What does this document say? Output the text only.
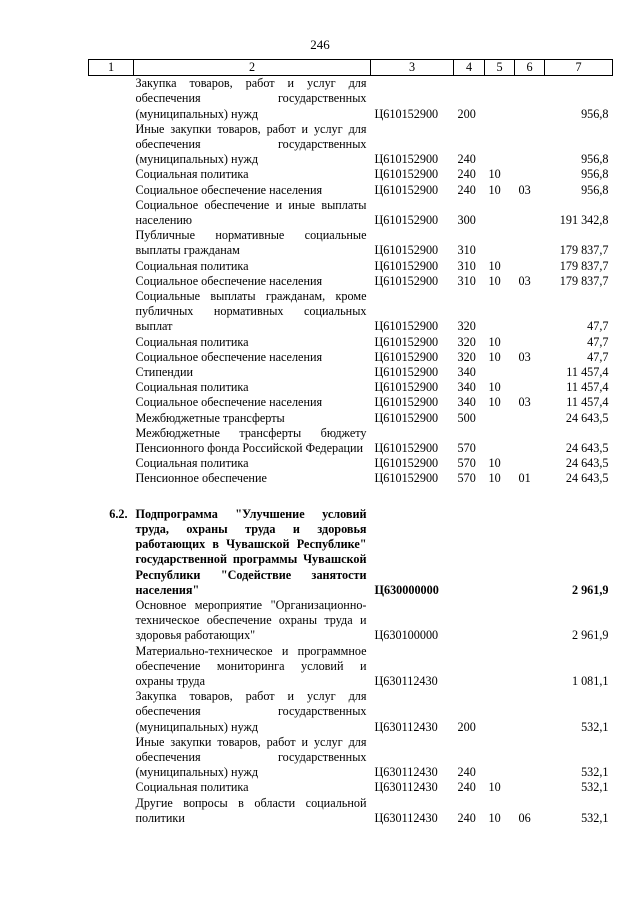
246
1	2	3	4	5	6	7
	Закупка товаров, работ и услуг для обеспечения государственных (муниципальных) нужд	Ц610152900	200			956,8
	Иные закупки товаров, работ и услуг для обеспечения государственных (муниципальных) нужд	Ц610152900	240			956,8
	Социальная политика	Ц610152900	240	10		956,8
	Социальное обеспечение населения	Ц610152900	240	10	03	956,8
	Социальное обеспечение и иные выплаты населению	Ц610152900	300			191 342,8
	Публичные нормативные социальные выплаты гражданам	Ц610152900	310			179 837,7
	Социальная политика	Ц610152900	310	10		179 837,7
	Социальное обеспечение населения	Ц610152900	310	10	03	179 837,7
	Социальные выплаты гражданам, кроме публичных нормативных социальных выплат	Ц610152900	320			47,7
	Социальная политика	Ц610152900	320	10		47,7
	Социальное обеспечение населения	Ц610152900	320	10	03	47,7
	Стипендии	Ц610152900	340			11 457,4
	Социальная политика	Ц610152900	340	10		11 457,4
	Социальное обеспечение населения	Ц610152900	340	10	03	11 457,4
	Межбюджетные трансферты	Ц610152900	500			24 643,5
	Межбюджетные трансферты бюджету Пенсионного фонда Российской Федерации	Ц610152900	570			24 643,5
	Социальная политика	Ц610152900	570	10		24 643,5
	Пенсионное обеспечение	Ц610152900	570	10	01	24 643,5

6.2.	Подпрограмма "Улучшение условий труда, охраны труда и здоровья работающих в Чувашской Республике" государственной программы Чувашской Республики "Содействие занятости населения"	Ц630000000				2 961,9
	Основное мероприятие "Организационно-техническое обеспечение охраны труда и здоровья работающих"	Ц630100000				2 961,9
	Материально-техническое и программное обеспечение мониторинга условий и охраны труда	Ц630112430				1 081,1
	Закупка товаров, работ и услуг для обеспечения государственных (муниципальных) нужд	Ц630112430	200			532,1
	Иные закупки товаров, работ и услуг для обеспечения государственных (муниципальных) нужд	Ц630112430	240			532,1
	Социальная политика	Ц630112430	240	10		532,1
	Другие вопросы в области социальной политики	Ц630112430	240	10	06	532,1
